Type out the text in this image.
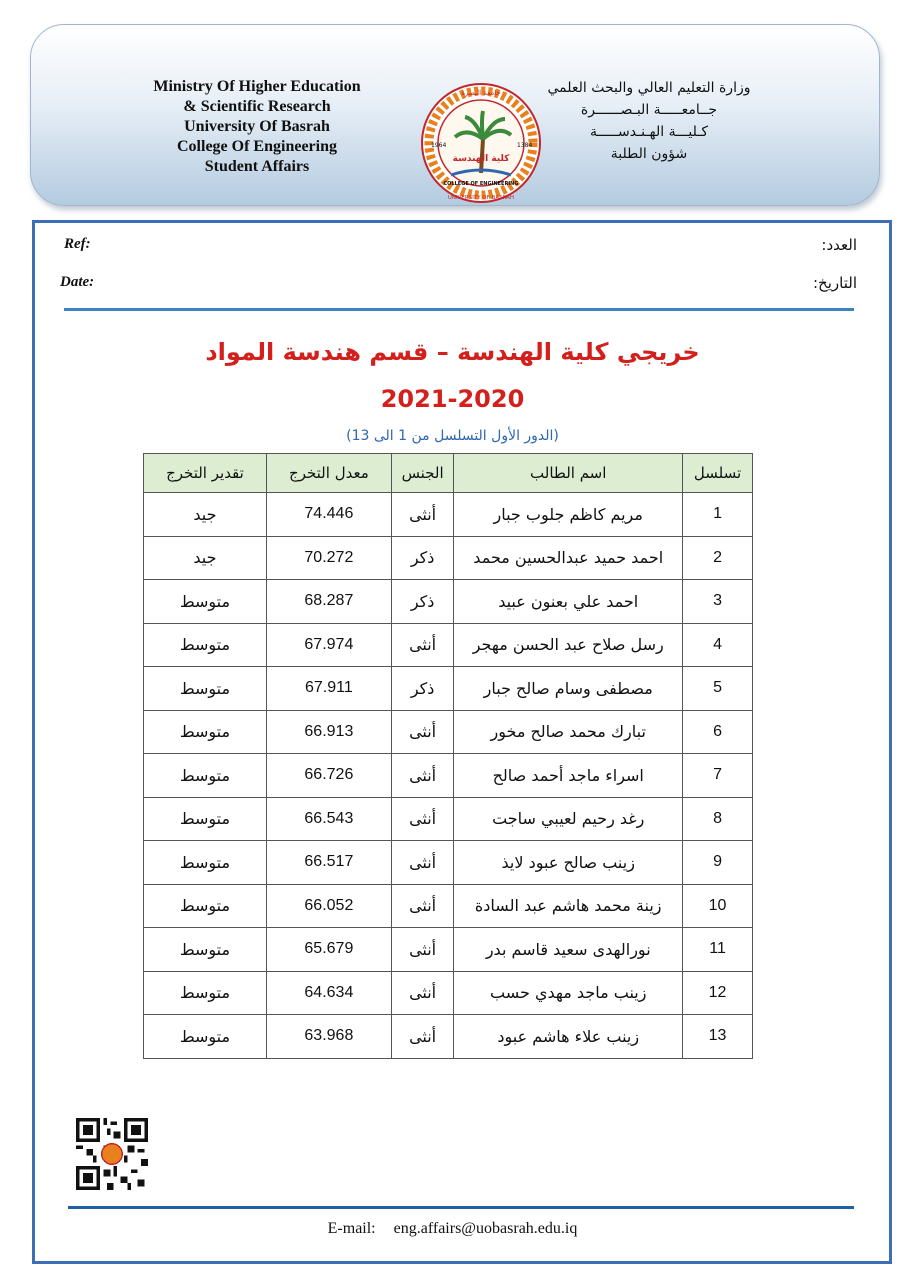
Ministry Of Higher Education
& Scientific Research
University Of Basrah
College Of Engineering
Student Affairs	كلية الهندسة
جامعة البصرة
UNIVERSITY OF BASRAH
1964	1384
COLLEGE OF ENGINEERING
وزارة التعليم العالي والبحث العلمي
جــامعـــــة البـصــــــرة
كـليـــة الهـنـدســـــة
شؤون الطلبة
Ref:
Date:
العدد:
التاريخ:
خريجي كلية الهندسة – قسم هندسة المواد
2021-2020
(الدور الأول التسلسل من 1 الى 13)
تسلسل	اسم الطالب	الجنس	معدل التخرج	تقدير التخرج
1	مريم كاظم جلوب جبار	أنثى	74.446	جيد
2	احمد حميد عبدالحسين محمد	ذكر	70.272	جيد
3	احمد علي بعنون عبيد	ذكر	68.287	متوسط
4	رسل صلاح عبد الحسن مهجر	أنثى	67.974	متوسط
5	مصطفى وسام صالح جبار	ذكر	67.911	متوسط
6	تبارك محمد صالح مخور	أنثى	66.913	متوسط
7	اسراء ماجد أحمد صالح	أنثى	66.726	متوسط
8	رغد رحيم لعيبي ساجت	أنثى	66.543	متوسط
9	زينب صالح عبود لايذ	أنثى	66.517	متوسط
10	زينة محمد هاشم عبد السادة	أنثى	66.052	متوسط
11	نورالهدى سعيد قاسم بدر	أنثى	65.679	متوسط
12	زينب ماجد مهدي حسب	أنثى	64.634	متوسط
13	زينب علاء هاشم عبود	أنثى	63.968	متوسط
E-mail: eng.affairs@uobasrah.edu.iq
